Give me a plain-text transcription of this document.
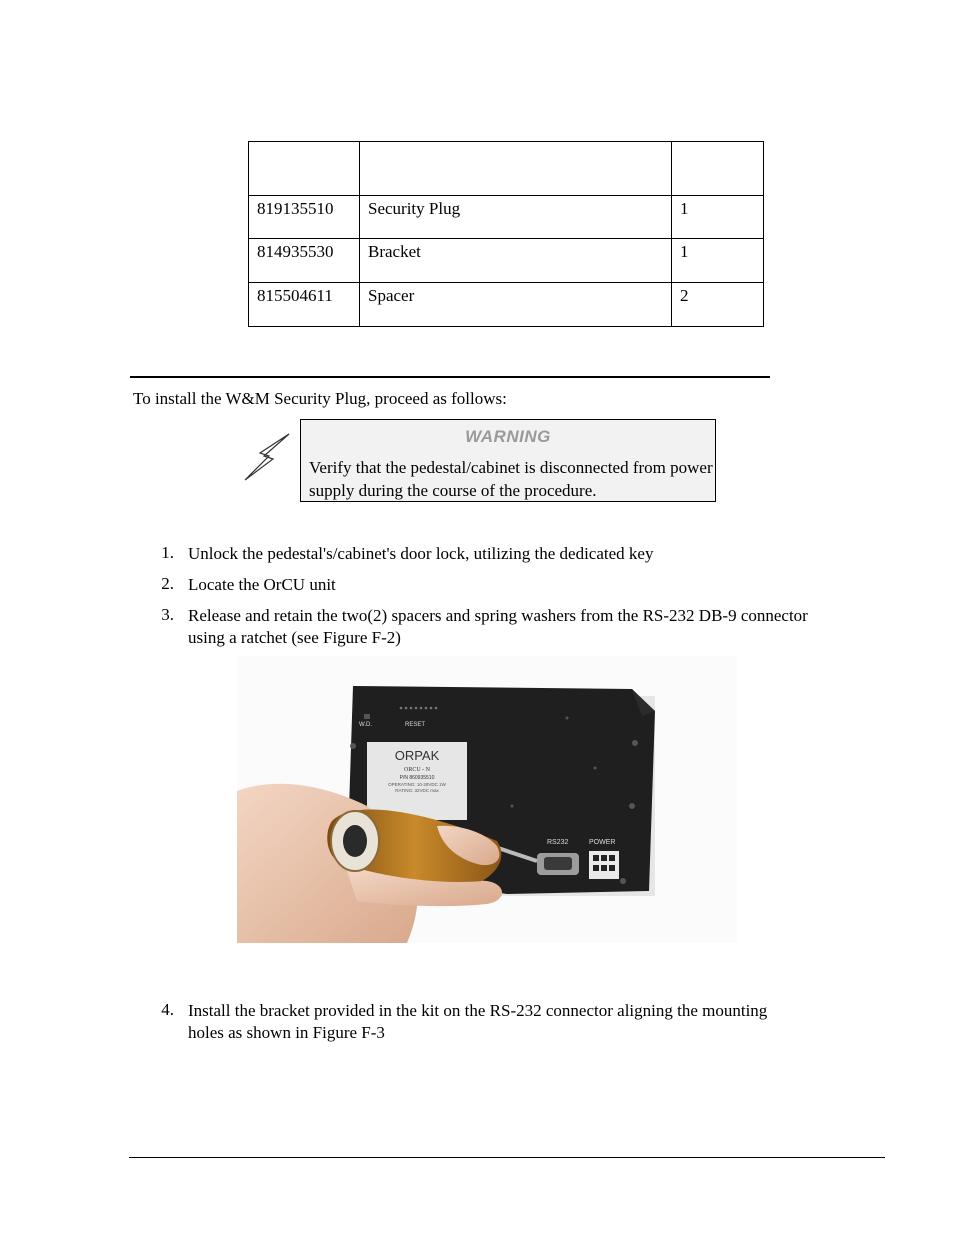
819135510	Security Plug	1
814935530	Bracket	1
815504611	Spacer	2
To install the W&M Security Plug, proceed as follows:
WARNING
Verify that the pedestal/cabinet is disconnected from power supply during the course of the procedure.
1. Unlock the pedestal's/cabinet's door lock, utilizing the dedicated key
2. Locate the OrCU unit
3. Release and retain the two(2) spacers and spring washers from the RS-232 DB-9 connector using a ratchet (see Figure F-2)
W.D.	RESET
ORPAK
ORCU - N
P/N 860935510
OPERATING: 10-28VDC 1W
RATING: 32VDC max
RS232	POWER
4. Install the bracket provided in the kit on the RS-232 connector aligning the mounting holes as shown in Figure F-3
